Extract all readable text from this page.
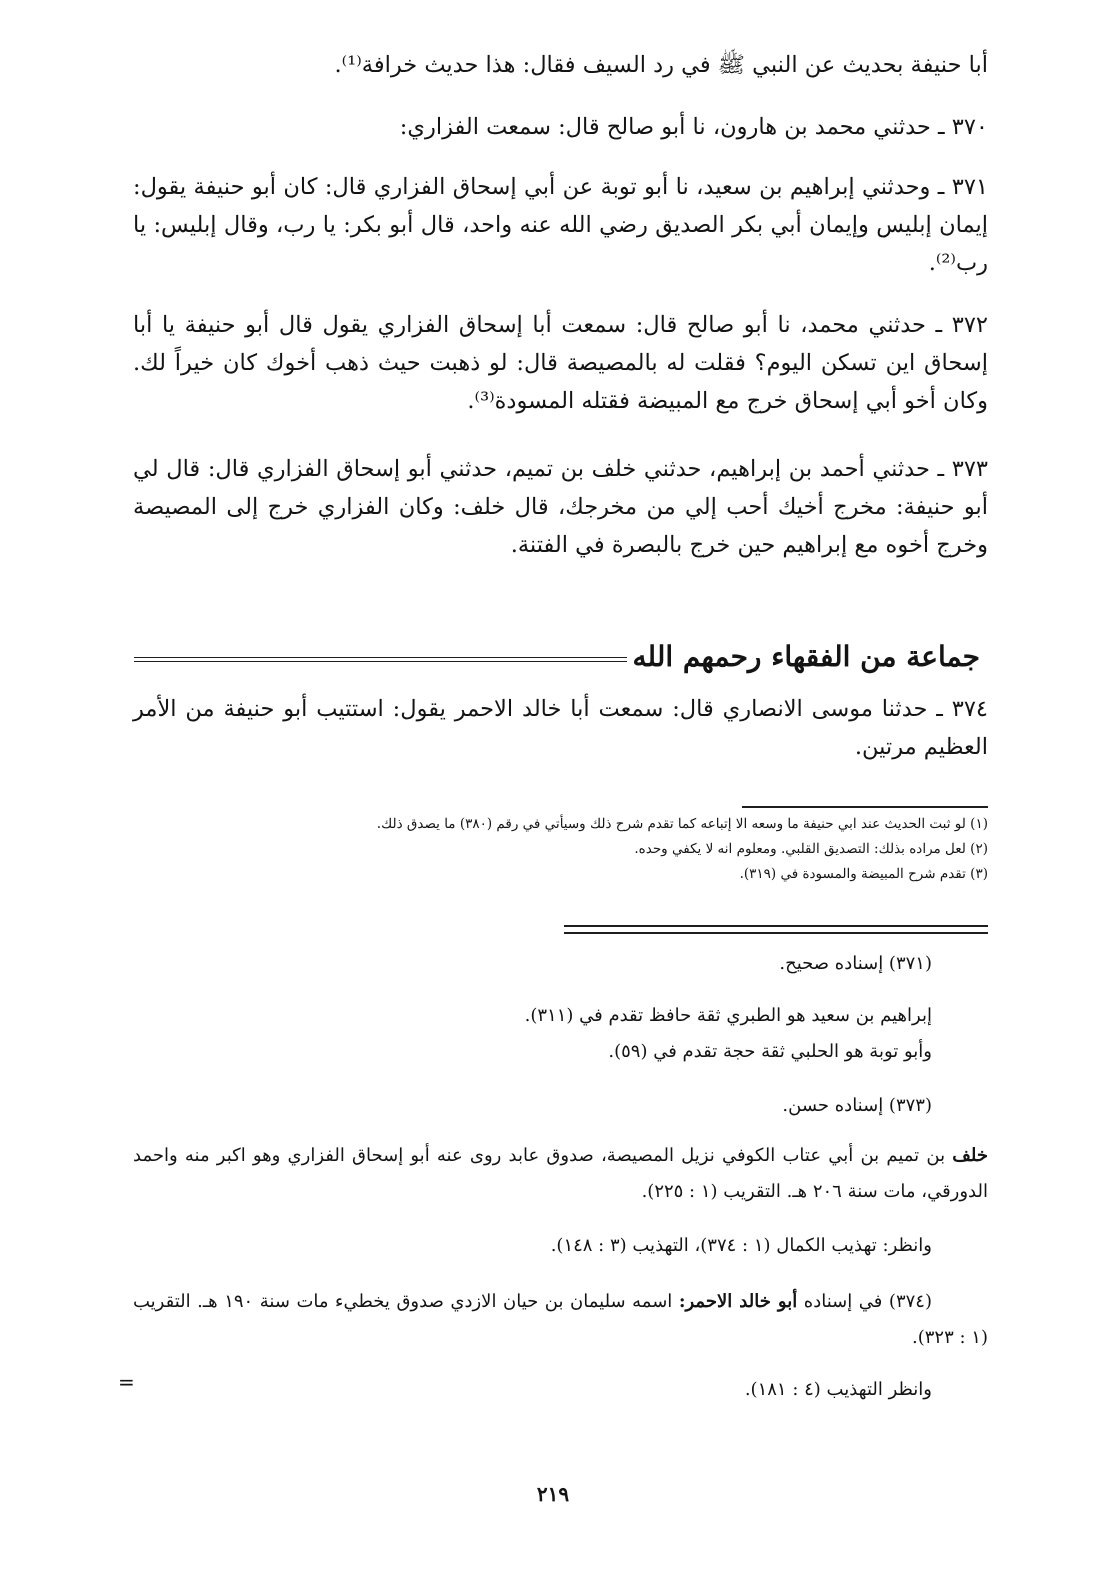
أبا حنيفة بحديث عن النبي ﷺ في رد السيف فقال: هذا حديث خرافة⁽¹⁾.

٣٧٠ ـ حدثني محمد بن هارون، نا أبو صالح قال: سمعت الفزاري:

٣٧١ ـ وحدثني إبراهيم بن سعيد، نا أبو توبة عن أبي إسحاق الفزاري قال: كان أبو حنيفة يقول: إيمان إبليس وإيمان أبي بكر الصديق رضي الله عنه واحد، قال أبو بكر: يا رب، وقال إبليس: يا رب⁽²⁾.

٣٧٢ ـ حدثني محمد، نا أبو صالح قال: سمعت أبا إسحاق الفزاري يقول قال أبو حنيفة يا أبا إسحاق اين تسكن اليوم؟ فقلت له بالمصيصة قال: لو ذهبت حيث ذهب أخوك كان خيراً لك. وكان أخو أبي إسحاق خرج مع المبيضة فقتله المسودة⁽³⁾.

٣٧٣ ـ حدثني أحمد بن إبراهيم، حدثني خلف بن تميم، حدثني أبو إسحاق الفزاري قال: قال لي أبو حنيفة: مخرج أخيك أحب إلي من مخرجك، قال خلف: وكان الفزاري خرج إلى المصيصة وخرج أخوه مع إبراهيم حين خرج بالبصرة في الفتنة.

جماعة من الفقهاء رحمهم الله

٣٧٤ ـ حدثنا موسى الانصاري قال: سمعت أبا خالد الاحمر يقول: استتيب أبو حنيفة من الأمر العظيم مرتين.

(١) لو ثبت الحديث عند ابي حنيفة ما وسعه الا إتباعه كما تقدم شرح ذلك وسيأتي في رقم (٣٨٠) ما يصدق ذلك.
(٢) لعل مراده بذلك: التصديق القلبي. ومعلوم انه لا يكفي وحده.
(٣) تقدم شرح المبيضة والمسودة في (٣١٩).
(٣٧١) إسناده صحيح.
إبراهيم بن سعيد هو الطبري ثقة حافظ تقدم في (٣١١).
وأبو توبة هو الحلبي ثقة حجة تقدم في (٥٩).
(٣٧٣) إسناده حسن.
خلف بن تميم بن أبي عتاب الكوفي نزيل المصيصة، صدوق عابد روى عنه أبو إسحاق الفزاري وهو اكبر منه واحمد الدورقي، مات سنة ٢٠٦ هـ. التقريب (١ : ٢٢٥).
وانظر: تهذيب الكمال (١ : ٣٧٤)، التهذيب (٣ : ١٤٨).
(٣٧٤) في إسناده أبو خالد الاحمر: اسمه سليمان بن حيان الازدي صدوق يخطيء مات سنة ١٩٠ هـ. التقريب (١ : ٣٢٣).
وانظر التهذيب (٤ : ١٨١).
=
٢١٩
